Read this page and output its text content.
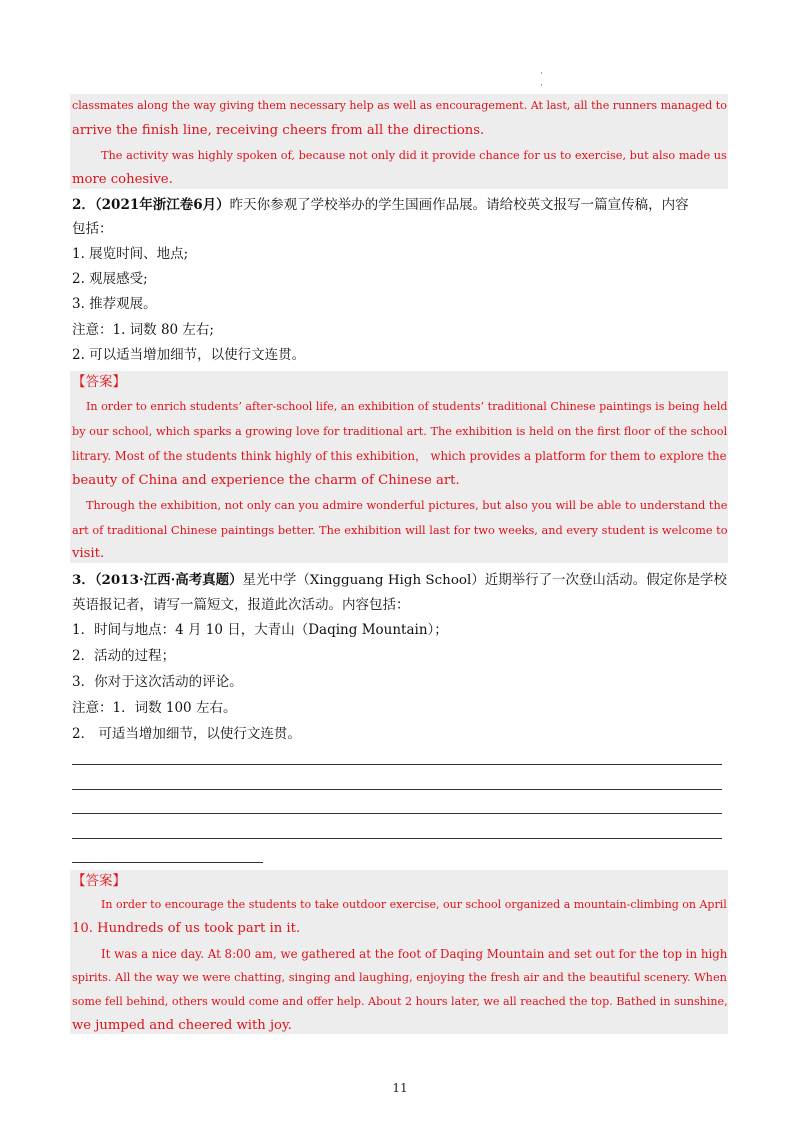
·
·
classmates along the way giving them necessary help as well as encouragement. At last, all the runners managed to
arrive the finish line, receiving cheers from all the directions.
The activity was highly spoken of, because not only did it provide chance for us to exercise, but also made us
more cohesive.
2．（2021年浙江卷6月）昨天你参观了学校举办的学生国画作品展。请给校英文报写一篇宣传稿，内容
包括：
1. 展览时间、地点;
2. 观展感受;
3. 推荐观展。
注意：1. 词数 80 左右;
2. 可以适当增加细节，以使行文连贯。
【答案】
In order to enrich students’ after-school life, an exhibition of students’ traditional Chinese paintings is being held
by our school, which sparks a growing love for traditional art. The exhibition is held on the first floor of the school
litrary. Most of the students think highly of this exhibition， which provides a platform for them to explore the
beauty of China and experience the charm of Chinese art.
Through the exhibition, not only can you admire wonderful pictures, but also you will be able to understand the
art of traditional Chinese paintings better. The exhibition will last for two weeks, and every student is welcome to
visit.
3．（2013·江西·高考真题）星光中学（Xingguang High School）近期举行了一次登山活动。假定你是学校
英语报记者，请写一篇短文，报道此次活动。内容包括：
1．时间与地点：4 月 10 日，大青山（Daqing Mountain）；
2．活动的过程；
3．你对于这次活动的评论。
注意：1．词数 100 左右。
2． 可适当增加细节，以使行文连贯。
【答案】
In order to encourage the students to take outdoor exercise, our school organized a mountain-climbing on April
10. Hundreds of us took part in it.
It was a nice day. At 8:00 am, we gathered at the foot of Daqing Mountain and set out for the top in high
spirits. All the way we were chatting, singing and laughing, enjoying the fresh air and the beautiful scenery. When
some fell behind, others would come and offer help. About 2 hours later, we all reached the top. Bathed in sunshine,
we jumped and cheered with joy.
11
